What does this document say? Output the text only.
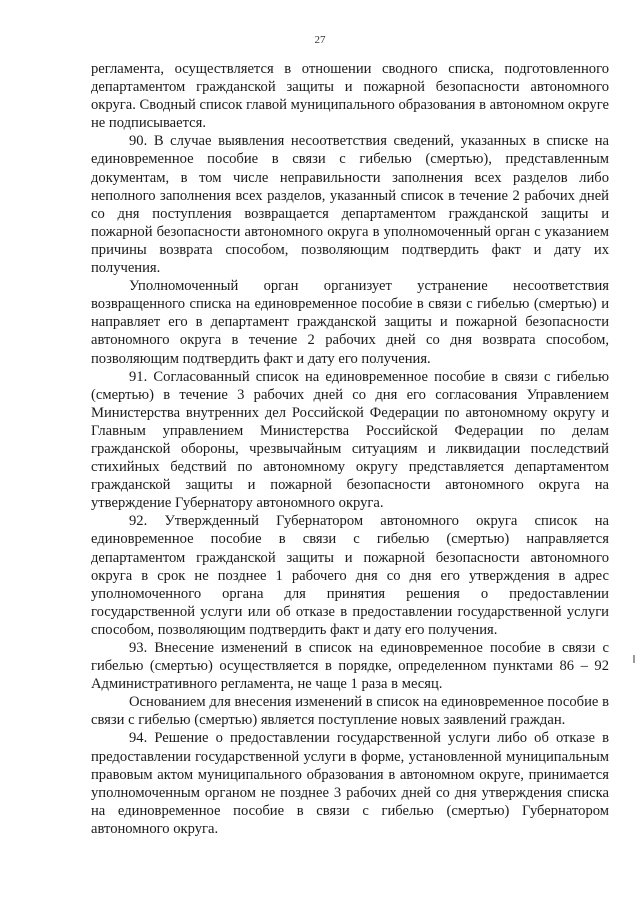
27

регламента, осуществляется в отношении сводного списка, подготовленного департаментом гражданской защиты и пожарной безопасности автономного округа. Сводный список главой муниципального образования в автономном округе не подписывается.

90. В случае выявления несоответствия сведений, указанных в списке на единовременное пособие в связи с гибелью (смертью), представленным документам, в том числе неправильности заполнения всех разделов либо неполного заполнения всех разделов, указанный список в течение 2 рабочих дней со дня поступления возвращается департаментом гражданской защиты и пожарной безопасности автономного округа в уполномоченный орган с указанием причины возврата способом, позволяющим подтвердить факт и дату их получения.

Уполномоченный орган организует устранение несоответствия возвращенного списка на единовременное пособие в связи с гибелью (смертью) и направляет его в департамент гражданской защиты и пожарной безопасности автономного округа в течение 2 рабочих дней со дня возврата способом, позволяющим подтвердить факт и дату его получения.

91. Согласованный список на единовременное пособие в связи с гибелью (смертью) в течение 3 рабочих дней со дня его согласования Управлением Министерства внутренних дел Российской Федерации по автономному округу и Главным управлением Министерства Российской Федерации по делам гражданской обороны, чрезвычайным ситуациям и ликвидации последствий стихийных бедствий по автономному округу представляется департаментом гражданской защиты и пожарной безопасности автономного округа на утверждение Губернатору автономного округа.

92. Утвержденный Губернатором автономного округа список на единовременное пособие в связи с гибелью (смертью) направляется департаментом гражданской защиты и пожарной безопасности автономного округа в срок не позднее 1 рабочего дня со дня его утверждения в адрес уполномоченного органа для принятия решения о предоставлении государственной услуги или об отказе в предоставлении государственной услуги способом, позволяющим подтвердить факт и дату его получения.

93. Внесение изменений в список на единовременное пособие в связи с гибелью (смертью) осуществляется в порядке, определенном пунктами 86 – 92 Административного регламента, не чаще 1 раза в месяц.

Основанием для внесения изменений в список на единовременное пособие в связи с гибелью (смертью) является поступление новых заявлений граждан.

94. Решение о предоставлении государственной услуги либо об отказе в предоставлении государственной услуги в форме, установленной муниципальным правовым актом муниципального образования в автономном округе, принимается уполномоченным органом не позднее 3 рабочих дней со дня утверждения списка на единовременное пособие в связи с гибелью (смертью) Губернатором автономного округа.
